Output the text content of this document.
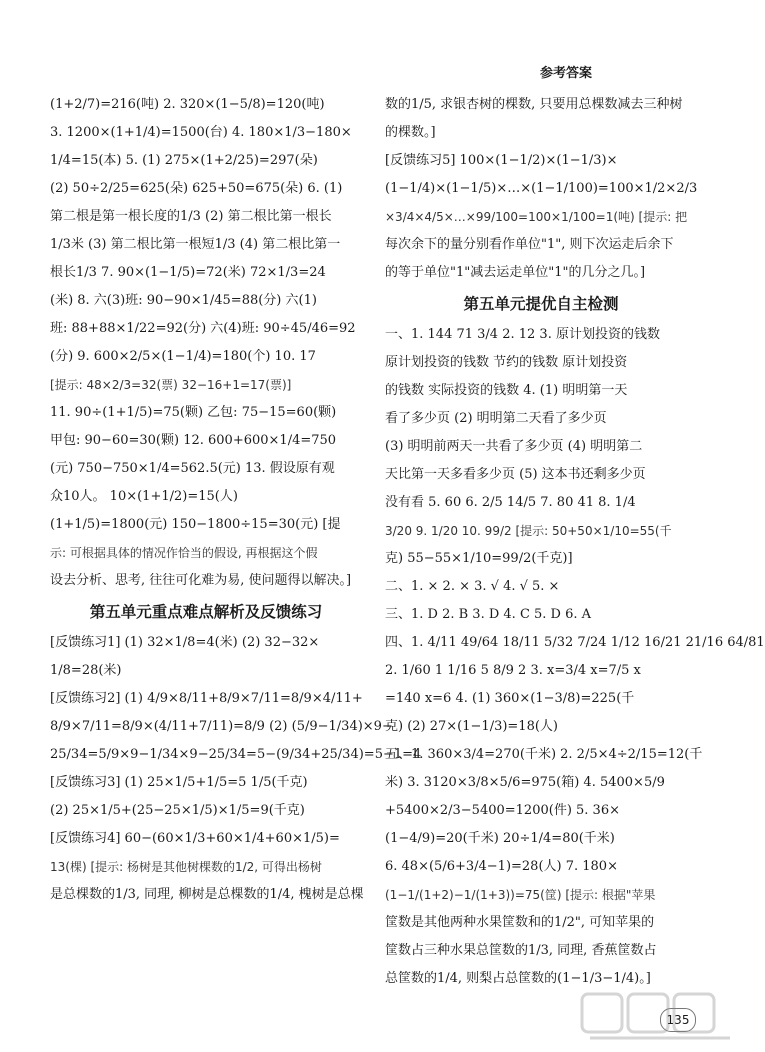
参考答案
(1+2/7)=216(吨) 2. 320×(1−5/8)=120(吨)
3. 1200×(1+1/4)=1500(台) 4. 180×1/3−180×
1/4=15(本) 5. (1) 275×(1+2/25)=297(朵)
(2) 50÷2/25=625(朵) 625+50=675(朵) 6. (1)
第二根是第一根长度的1/3 (2) 第二根比第一根长
1/3米 (3) 第二根比第一根短1/3 (4) 第二根比第一
根长1/3 7. 90×(1−1/5)=72(米) 72×1/3=24
(米) 8. 六(3)班: 90−90×1/45=88(分) 六(1)
班: 88+88×1/22=92(分) 六(4)班: 90÷45/46=92
(分) 9. 600×2/5×(1−1/4)=180(个) 10. 17
[提示: 48×2/3=32(票) 32−16+1=17(票)]
11. 90÷(1+1/5)=75(颗) 乙包: 75−15=60(颗)
甲包: 90−60=30(颗) 12. 600+600×1/4=750
(元) 750−750×1/4=562.5(元) 13. 假设原有观
众10人。 10×(1+1/2)=15(人)
(1+1/5)=1800(元) 150−1800÷15=30(元) [提
示: 可根据具体的情况作恰当的假设, 再根据这个假
设去分析、思考, 往往可化难为易, 使问题得以解决。]
第五单元重点难点解析及反馈练习
[反馈练习1] (1) 32×1/8=4(米) (2) 32−32×
1/8=28(米)
[反馈练习2] (1) 4/9×8/11+8/9×7/11=8/9×4/11+
8/9×7/11=8/9×(4/11+7/11)=8/9 (2) (5/9−1/34)×9−
25/34=5/9×9−1/34×9−25/34=5−(9/34+25/34)=5−1=4
[反馈练习3] (1) 25×1/5+1/5=5 1/5(千克)
(2) 25×1/5+(25−25×1/5)×1/5=9(千克)
[反馈练习4] 60−(60×1/3+60×1/4+60×1/5)=
13(棵) [提示: 杨树是其他树棵数的1/2, 可得出杨树
是总棵数的1/3, 同理, 柳树是总棵数的1/4, 槐树是总棵
数的1/5, 求银杏树的棵数, 只要用总棵数减去三种树
的棵数。]
[反馈练习5] 100×(1−1/2)×(1−1/3)×
(1−1/4)×(1−1/5)×…×(1−1/100)=100×1/2×2/3
×3/4×4/5×…×99/100=100×1/100=1(吨) [提示: 把
每次余下的量分别看作单位"1", 则下次运走后余下
的等于单位"1"减去运走单位"1"的几分之几。]
第五单元提优自主检测
一、1. 144 71 3/4 2. 12 3. 原计划投资的钱数
原计划投资的钱数 节约的钱数 原计划投资
的钱数 实际投资的钱数 4. (1) 明明第一天
看了多少页 (2) 明明第二天看了多少页
(3) 明明前两天一共看了多少页 (4) 明明第二
天比第一天多看多少页 (5) 这本书还剩多少页
没有看 5. 60 6. 2/5 14/5 7. 80 41 8. 1/4
3/20 9. 1/20 10. 99/2 [提示: 50+50×1/10=55(千
克) 55−55×1/10=99/2(千克)]
二、1. × 2. × 3. √ 4. √ 5. ×
三、1. D 2. B 3. D 4. C 5. D 6. A
四、1. 4/11 49/64 18/11 5/32 7/24 1/12 16/21 21/16 64/81
2. 1/60 1 1/16 5 8/9 2 3. x=3/4 x=7/5 x
=140 x=6 4. (1) 360×(1−3/8)=225(千
克) (2) 27×(1−1/3)=18(人)
五、1. 360×3/4=270(千米) 2. 2/5×4÷2/15=12(千
米) 3. 3120×3/8×5/6=975(箱) 4. 5400×5/9
+5400×2/3−5400=1200(件) 5. 36×
(1−4/9)=20(千米) 20÷1/4=80(千米)
6. 48×(5/6+3/4−1)=28(人) 7. 180×
(1−1/(1+2)−1/(1+3))=75(筐) [提示: 根据"苹果
筐数是其他两种水果筐数和的1/2", 可知苹果的
筐数占三种水果总筐数的1/3, 同理, 香蕉筐数占
总筐数的1/4, 则梨占总筐数的(1−1/3−1/4)。]
135
